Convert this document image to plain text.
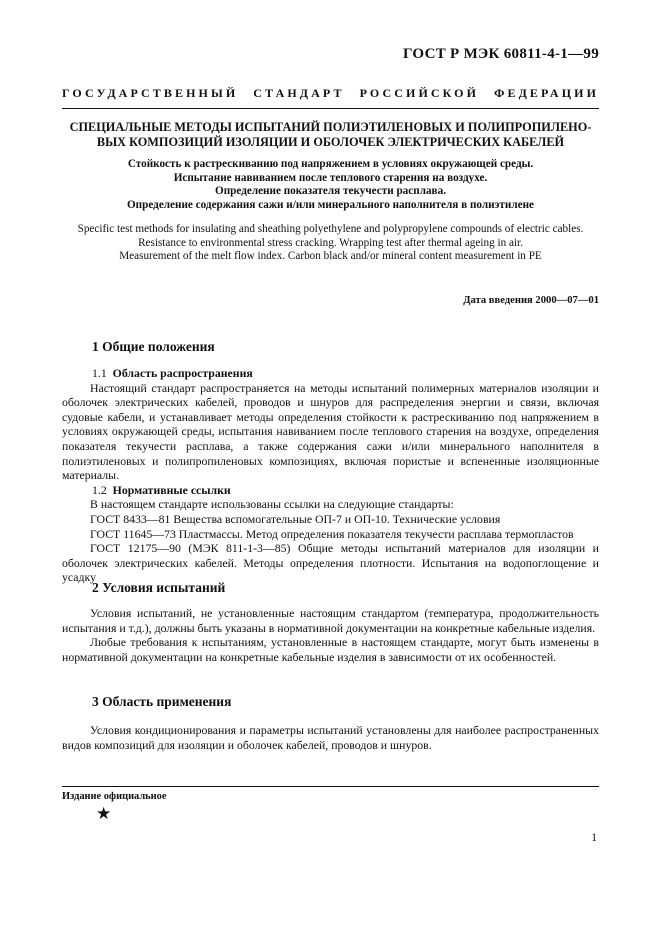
ГОСТ Р МЭК 60811-4-1—99
ГОСУДАРСТВЕННЫЙ СТАНДАРТ РОССИЙСКОЙ ФЕДЕРАЦИИ
СПЕЦИАЛЬНЫЕ МЕТОДЫ ИСПЫТАНИЙ ПОЛИЭТИЛЕНОВЫХ И ПОЛИПРОПИЛЕНО-
ВЫХ КОМПОЗИЦИЙ ИЗОЛЯЦИИ И ОБОЛОЧЕК ЭЛЕКТРИЧЕСКИХ КАБЕЛЕЙ
Стойкость к растрескиванию под напряжением в условиях окружающей среды.
Испытание навиванием после теплового старения на воздухе.
Определение показателя текучести расплава.
Определение содержания сажи и/или минерального наполнителя в полиэтилене
Specific test methods for insulating and sheathing polyethylene and polypropylene compounds of electric cables.
Resistance to environmental stress cracking. Wrapping test after thermal ageing in air.
Measurement of the melt flow index. Carbon black and/or mineral content measurement in PE
Дата введения 2000—07—01
1 Общие положения

1.1 Область распространения

Настоящий стандарт распространяется на методы испытаний полимерных материалов изоляции и оболочек электрических кабелей, проводов и шнуров для распределения энергии и связи, включая судовые кабели, и устанавливает методы определения стойкости к растрескиванию под напряжением в условиях окружающей среды, испытания навиванием после теплового старения на воздухе, определения показателя текучести расплава, а также содержания сажи и/или минерального наполнителя в полиэтиленовых и полипропиленовых композициях, включая пористые и вспененные изоляционные материалы.

1.2 Нормативные ссылки

В настоящем стандарте использованы ссылки на следующие стандарты:

ГОСТ 8433—81 Вещества вспомогательные ОП-7 и ОП-10. Технические условия

ГОСТ 11645—73 Пластмассы. Метод определения показателя текучести расплава термопластов

ГОСТ 12175—90 (МЭК 811-1-3—85) Общие методы испытаний материалов для изоляции и оболочек электрических кабелей. Методы определения плотности. Испытания на водопоглощение и усадку

2 Условия испытаний

Условия испытаний, не установленные настоящим стандартом (температура, продолжительность испытания и т.д.), должны быть указаны в нормативной документации на конкретные кабельные изделия.

Любые требования к испытаниям, установленные в настоящем стандарте, могут быть изменены в нормативной документации на конкретные кабельные изделия в зависимости от их особенностей.

3 Область применения

Условия кондиционирования и параметры испытаний установлены для наиболее распространенных видов композиций для изоляции и оболочек кабелей, проводов и шнуров.

Издание официальное
★
1
